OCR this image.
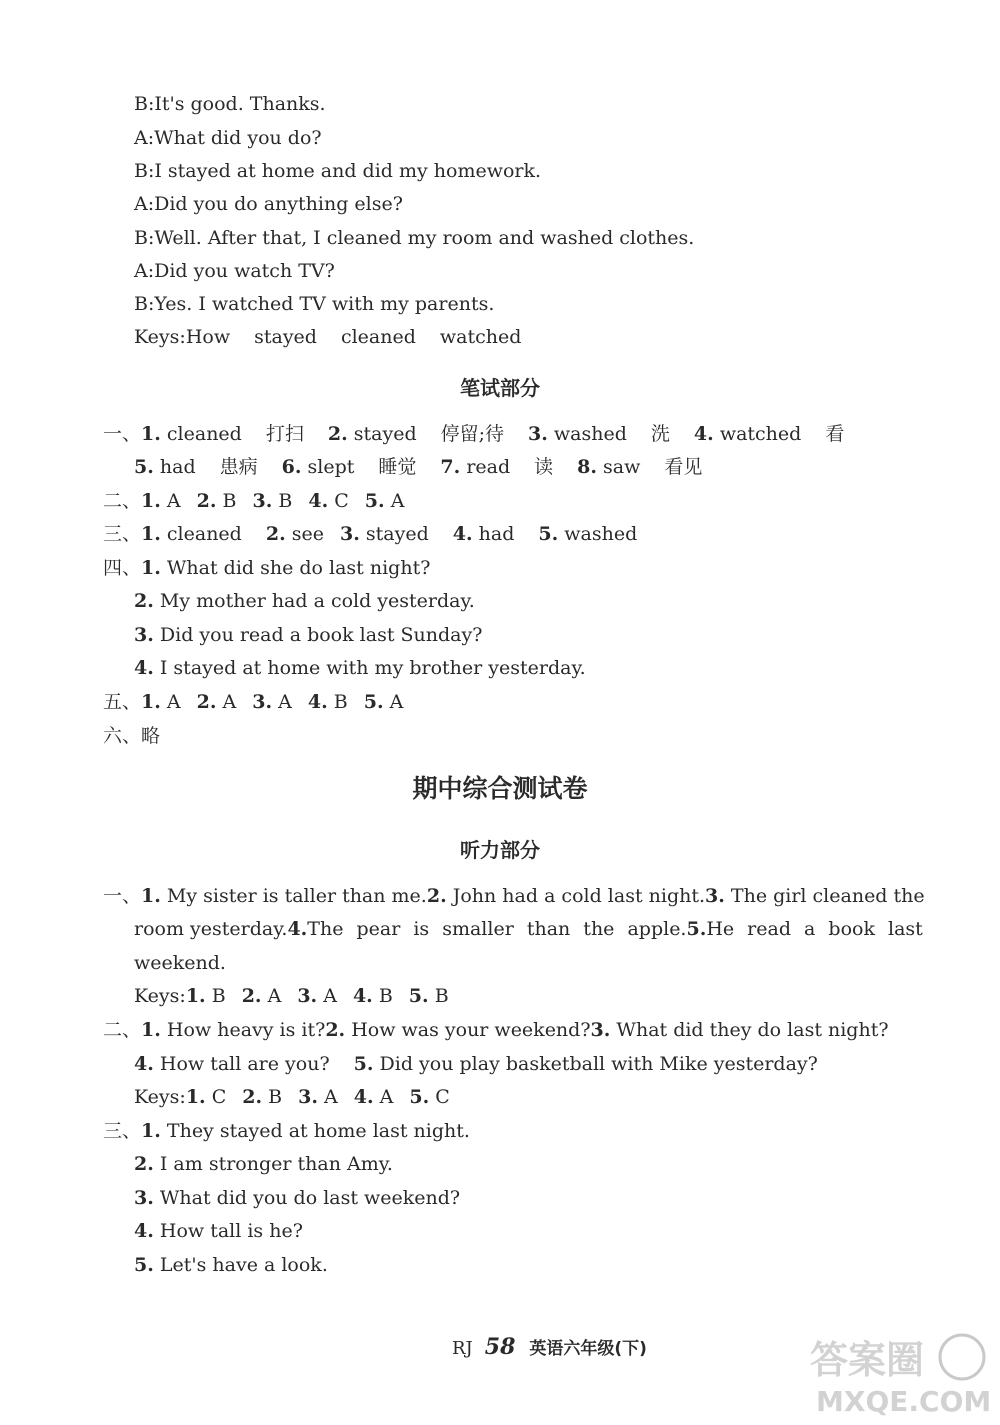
B:It's good. Thanks.
A:What did you do?
B:I stayed at home and did my homework.
A:Did you do anything else?
B:Well. After that, I cleaned my room and washed clothes.
A:Did you watch TV?
B:Yes. I watched TV with my parents.
Keys:How stayed cleaned watched
笔试部分
一、1. cleaned 打扫 2. stayed 停留;待 3. washed 洗 4. watched 看
5. had 患病 6. slept 睡觉 7. read 读 8. saw 看见
二、1. A 2. B 3. B 4. C 5. A
三、1. cleaned 2. see 3. stayed 4. had 5. washed
四、1. What did she do last night?
2. My mother had a cold yesterday.
3. Did you read a book last Sunday?
4. I stayed at home with my brother yesterday.
五、1. A 2. A 3. A 4. B 5. A
六、略
期中综合测试卷
听力部分
一、1. My sister is taller than me. 2. John had a cold last night. 3. The girl cleaned the
room yesterday. 4. The pear is smaller than the apple. 5. He read a book last
weekend.
Keys:1. B 2. A 3. A 4. B 5. B
二、1. How heavy is it? 2. How was your weekend? 3. What did they do last night?
4. How tall are you? 5. Did you play basketball with Mike yesterday?
Keys:1. C 2. B 3. A 4. A 5. C
三、1. They stayed at home last night.
2. I am stronger than Amy.
3. What did you do last weekend?
4. How tall is he?
5. Let's have a look.
RJ 58 英语六年级(下)	答案圈
MXQE.COM
